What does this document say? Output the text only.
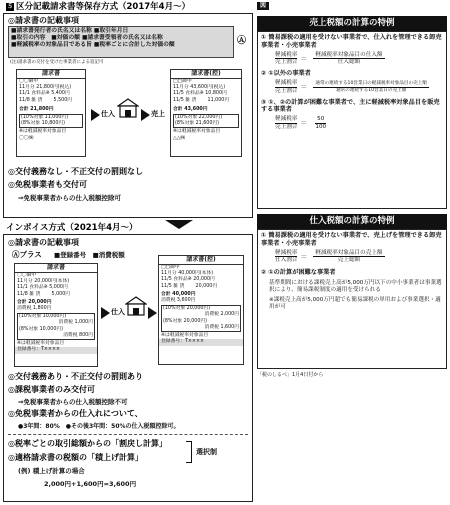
５ 区分記載請求書等保存方式（2017年4月～）
◎請求書の記載事項
■請求書発行者の氏名又は名称 ■取引年月日
■取引の内容　■対価の額 ■請求書受領者の氏名又は名称
■軽減税率の対象品目である旨 ■税率ごとに合計した対価の額	Ⓐ
(注)請求書の交付を受けた事業者による追記可
請求書
〇〇御中
11月分 21,800円(税込)
11/1 食料品※ 5,400円
11/8 雑 貨　　 5,500円
合計 21,800円
(10%対象 11,000円)
(8%対象 10,800円)
※は軽減税率対象品目
〇〇㈱
仕入	売上
請求書(控)
□□御中
11月分 43,600円(税込)
11/5 食料品※ 10,800円
11/5 雑 貨　　 11,000円
合計 43,600円
(10%対象 22,000円)
(8%対象 21,600円)
※は軽減税率対象品目
△△㈱
◎交付義務なし・不正交付の罰則なし
◎免税事業者も交付可
⇒免税事業者からの仕入税額控除可
インボイス方式（2021年4月～）
◎請求書の記載事項
Ⓐプラス ■登録番号　■消費税額
請求書
〇〇御中
11月分 20,000円(本体)
11/1 食料品※ 5,000円
11/8 雑 貨　　 5,000円
合計 20,000円
消費税 1,800円
(10%対象 10,000円)
消費税 1,000円
(8%対象 10,000円)
消費税 800円
※は軽減税率対象品目
登録番号：T××××
仕入
請求書(控)
□□御中
11月分 40,000円(本体)
11/5 食料品※ 20,000円
11/5 雑 貨　　 20,000円
合計 40,000円
消費税 3,600円
(10%対象 20,000円)
消費税 2,000円
(8%対象 20,000円)
消費税 1,600円
※は軽減税率対象品目
登録番号：T××××
◎交付義務あり・不正交付の罰則あり
◎課税事業者のみ交付可
⇒免税事業者からの仕入税額控除不可
◎免税事業者からの仕入れについて、
●3年間：80%　●その後3年間：50%の仕入税額控除可。
◎税率ごとの取引総額からの「割戻し計算」
◎適格請求書の税額の「積上げ計算」
選択制
(例) 積上げ計算の場合
2,000円+1,600円=3,600円
図
売上税額の計算の特例
① 簡易課税の適用を受けない事業者で、仕入れを管理できる卸売事業者・小売事業者
$\frac{\text{軽減税率}}{\text{売上割合}} = \frac{\text{軽減税率対象品目の仕入額}}{\text{仕入総額}}$
② ①以外の事業者
$\frac{\text{軽減税率}}{\text{売上割合}} = \frac{\text{通常の連続する10営業日の軽減税率対象品目の売上額}}{\text{通常の連続する10営業日の売上額}}$
③ ①、②の計算が困難な事業者で、主に軽減税率対象品目を販売する事業者
$\frac{\text{軽減税率}}{\text{売上割合}} = \frac{50}{100}$
仕入税額の計算の特例
① 簡易課税の適用を受けない事業者で、売上げを管理できる卸売事業者・小売事業者
$\frac{\text{軽減税率}}{\text{仕入割合}} = \frac{\text{軽減税率対象品目の売上額}}{\text{売上総額}}$
② ①の計算が困難な事業者
基準期間における課税売上高が5,000万円以下の中小事業者は事業選択により、簡易課税制度の適用を受けられる
※課税売上高が5,000万円超でも簡易課税の単用および事業選択・適用が可
「税のしるべ」1月4日付から
